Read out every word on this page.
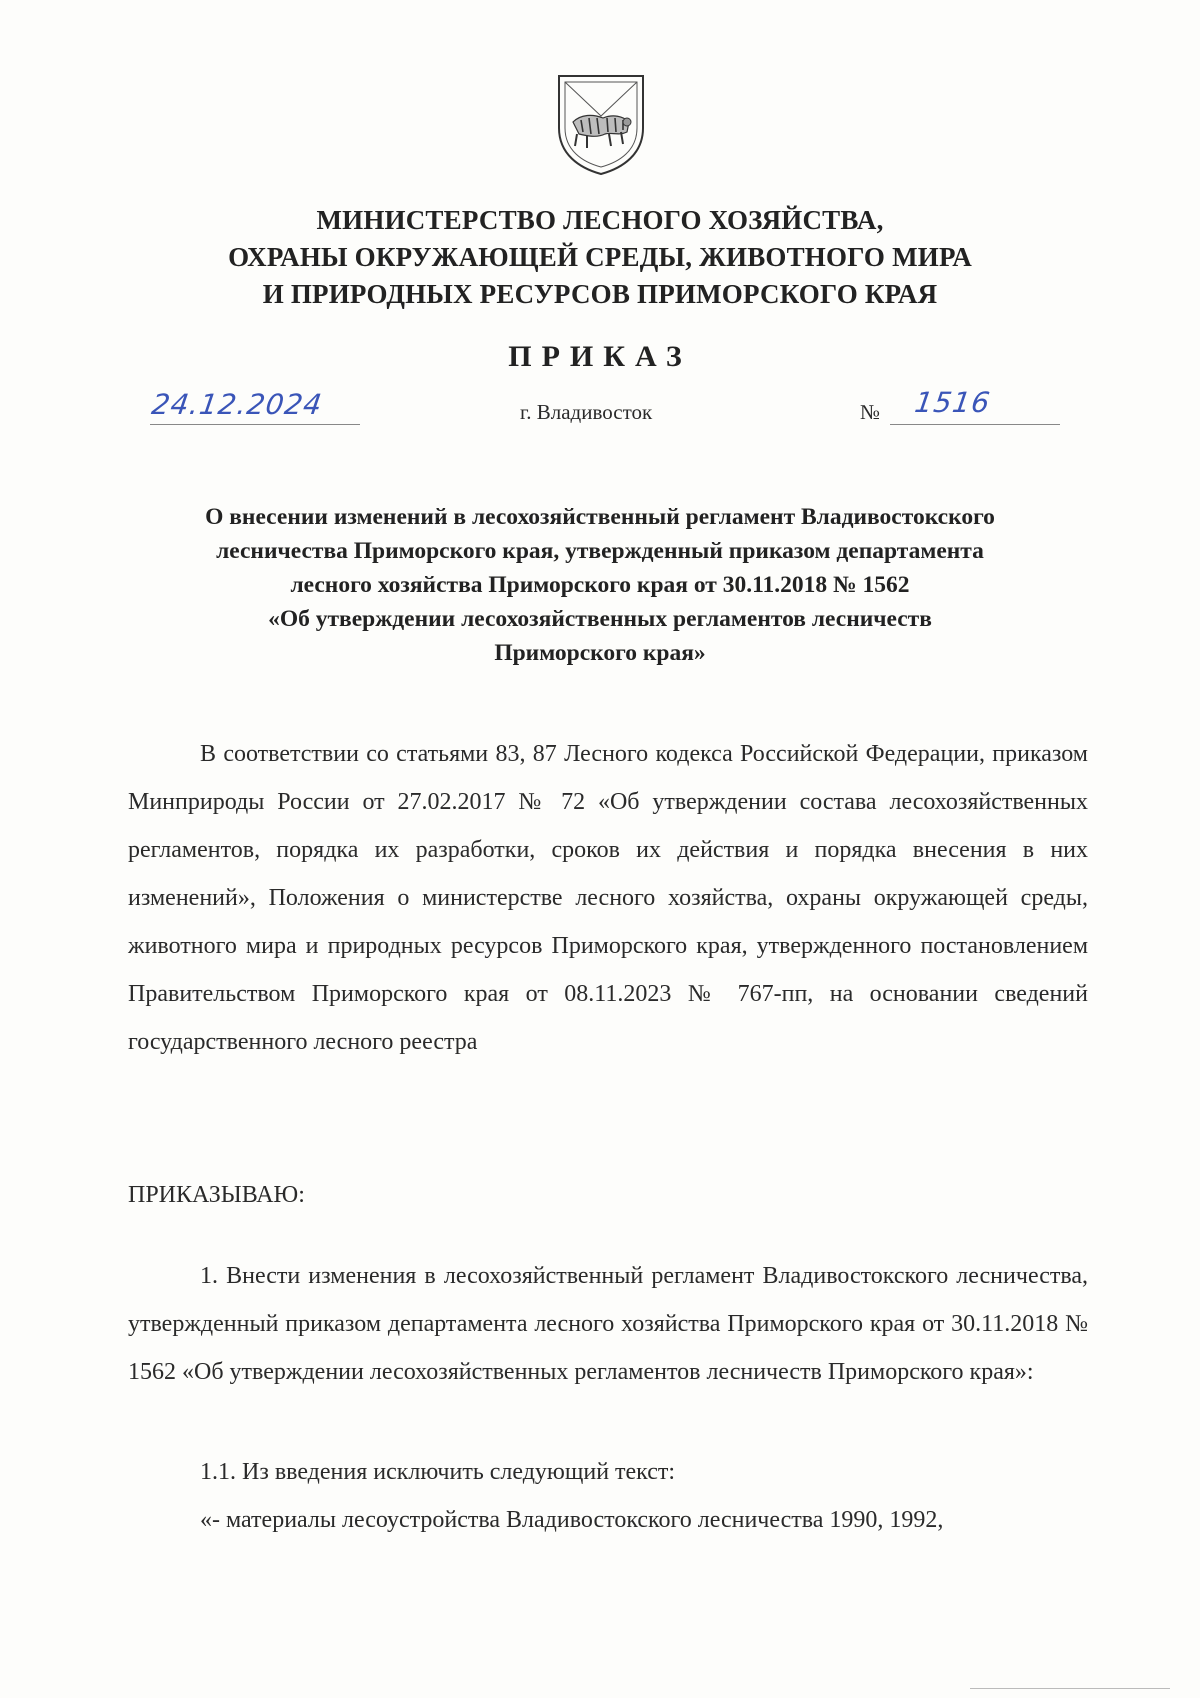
МИНИСТЕРСТВО ЛЕСНОГО ХОЗЯЙСТВА,
ОХРАНЫ ОКРУЖАЮЩЕЙ СРЕДЫ, ЖИВОТНОГО МИРА
И ПРИРОДНЫХ РЕСУРСОВ ПРИМОРСКОГО КРАЯ
ПРИКАЗ
24.12.2024	г. Владивосток	№ 1516
О внесении изменений в лесохозяйственный регламент Владивостокского
лесничества Приморского края, утвержденный приказом департамента
лесного хозяйства Приморского края от 30.11.2018 № 1562
«Об утверждении лесохозяйственных регламентов лесничеств
Приморского края»
В соответствии со статьями 83, 87 Лесного кодекса Российской Федерации, приказом Минприроды России от 27.02.2017 № 72 «Об утверждении состава лесохозяйственных регламентов, порядка их разработки, сроков их действия и порядка внесения в них изменений», Положения о министерстве лесного хозяйства, охраны окружающей среды, животного мира и природных ресурсов Приморского края, утвержденного постановлением Правительством Приморского края от 08.11.2023 № 767-пп, на основании сведений государственного лесного реестра
ПРИКАЗЫВАЮ:
1. Внести изменения в лесохозяйственный регламент Владивостокского лесничества, утвержденный приказом департамента лесного хозяйства Приморского края от 30.11.2018 № 1562 «Об утверждении лесохозяйственных регламентов лесничеств Приморского края»:
1.1. Из введения исключить следующий текст:
«- материалы лесоустройства Владивостокского лесничества 1990, 1992,
